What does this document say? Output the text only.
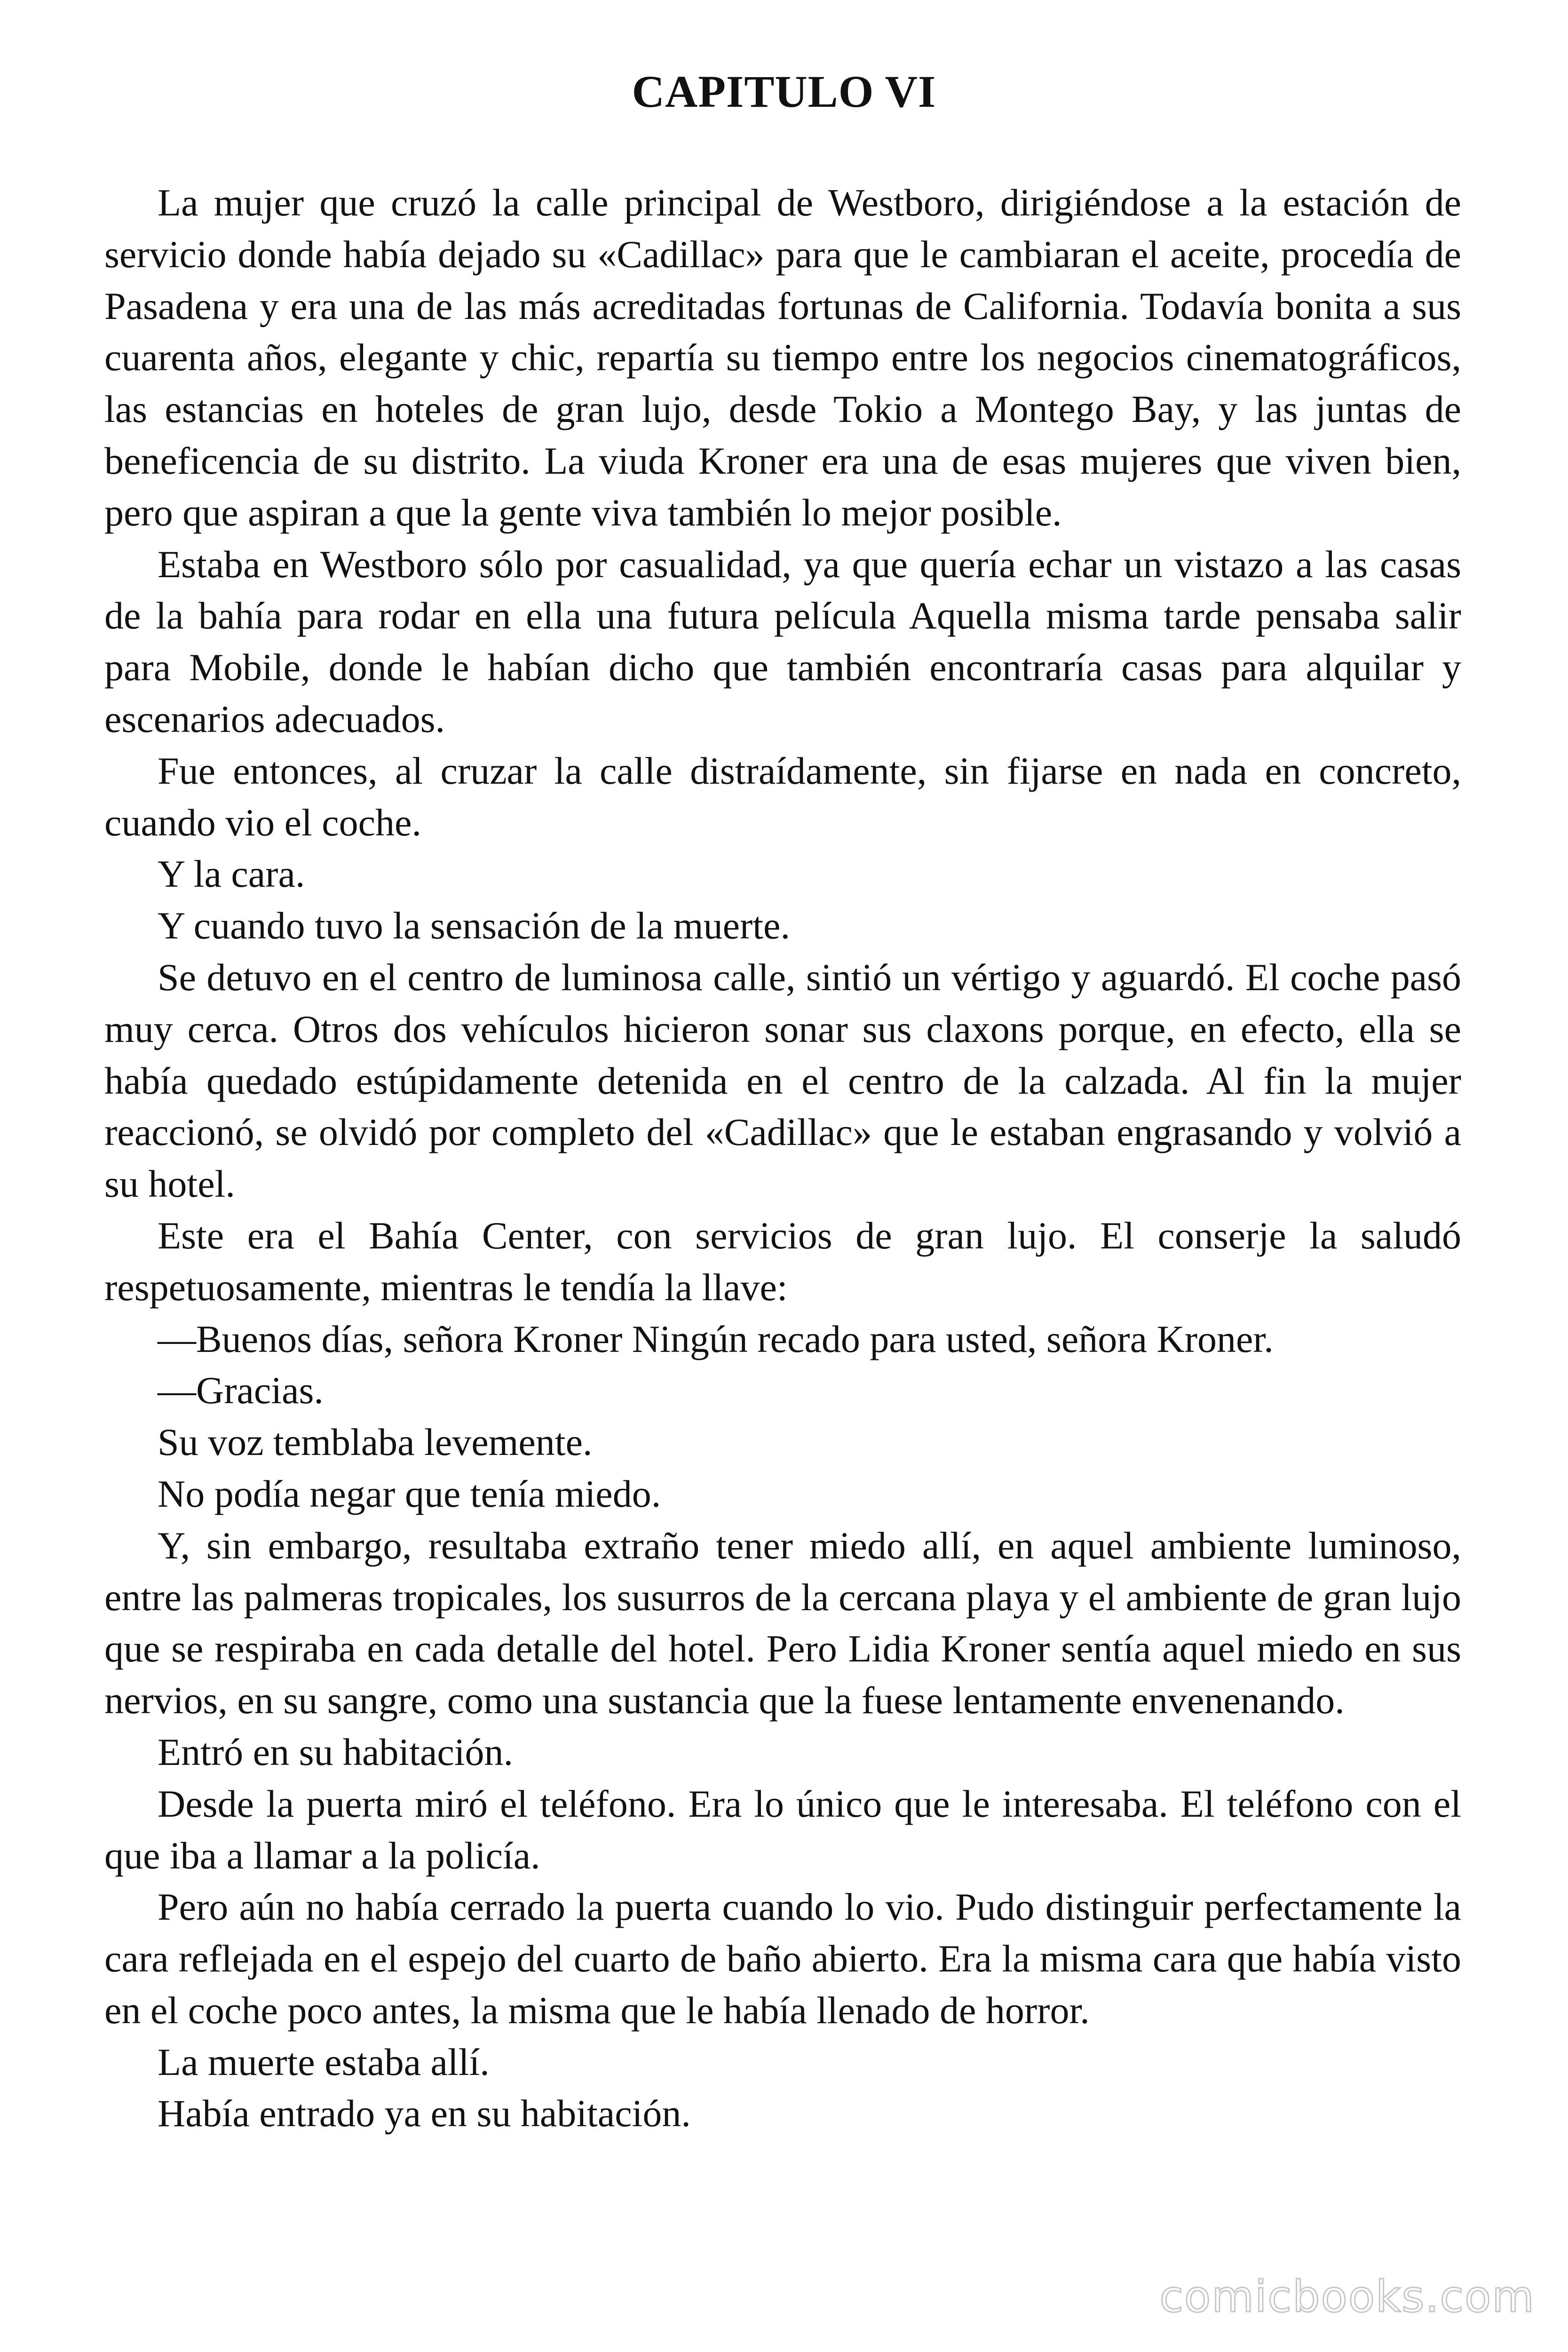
CAPITULO VI

La mujer que cruzó la calle principal de Westboro, dirigiéndose a la estación de servicio donde había dejado su «Cadillac» para que le cambiaran el aceite, procedía de Pasadena y era una de las más acreditadas fortunas de California. Todavía bonita a sus cuarenta años, elegante y chic, repartía su tiempo entre los negocios cinematográficos, las estancias en hoteles de gran lujo, desde Tokio a Montego Bay, y las juntas de beneficencia de su distrito. La viuda Kroner era una de esas mujeres que viven bien, pero que aspiran a que la gente viva también lo mejor posible.

Estaba en Westboro sólo por casualidad, ya que quería echar un vistazo a las casas de la bahía para rodar en ella una futura película Aquella misma tarde pensaba salir para Mobile, donde le habían dicho que también encontraría casas para alquilar y escenarios adecuados.

Fue entonces, al cruzar la calle distraídamente, sin fijarse en nada en concreto, cuando vio el coche.

Y la cara.

Y cuando tuvo la sensación de la muerte.

Se detuvo en el centro de luminosa calle, sintió un vértigo y aguardó. El coche pasó muy cerca. Otros dos vehículos hicieron sonar sus claxons porque, en efecto, ella se había quedado estúpidamente detenida en el centro de la calzada. Al fin la mujer reaccionó, se olvidó por completo del «Cadillac» que le estaban engrasando y volvió a su hotel.

Este era el Bahía Center, con servicios de gran lujo. El conserje la saludó respetuosamente, mientras le tendía la llave:

—Buenos días, señora Kroner Ningún recado para usted, señora Kroner.

—Gracias.

Su voz temblaba levemente.

No podía negar que tenía miedo.

Y, sin embargo, resultaba extraño tener miedo allí, en aquel ambiente luminoso, entre las palmeras tropicales, los susurros de la cercana playa y el ambiente de gran lujo que se respiraba en cada detalle del hotel. Pero Lidia Kroner sentía aquel miedo en sus nervios, en su sangre, como una sustancia que la fuese lentamente envenenando.

Entró en su habitación.

Desde la puerta miró el teléfono. Era lo único que le interesaba. El teléfono con el que iba a llamar a la policía.

Pero aún no había cerrado la puerta cuando lo vio. Pudo distinguir perfectamente la cara reflejada en el espejo del cuarto de baño abierto. Era la misma cara que había visto en el coche poco antes, la misma que le había llenado de horror.

La muerte estaba allí.

Había entrado ya en su habitación.

comicbooks.com
